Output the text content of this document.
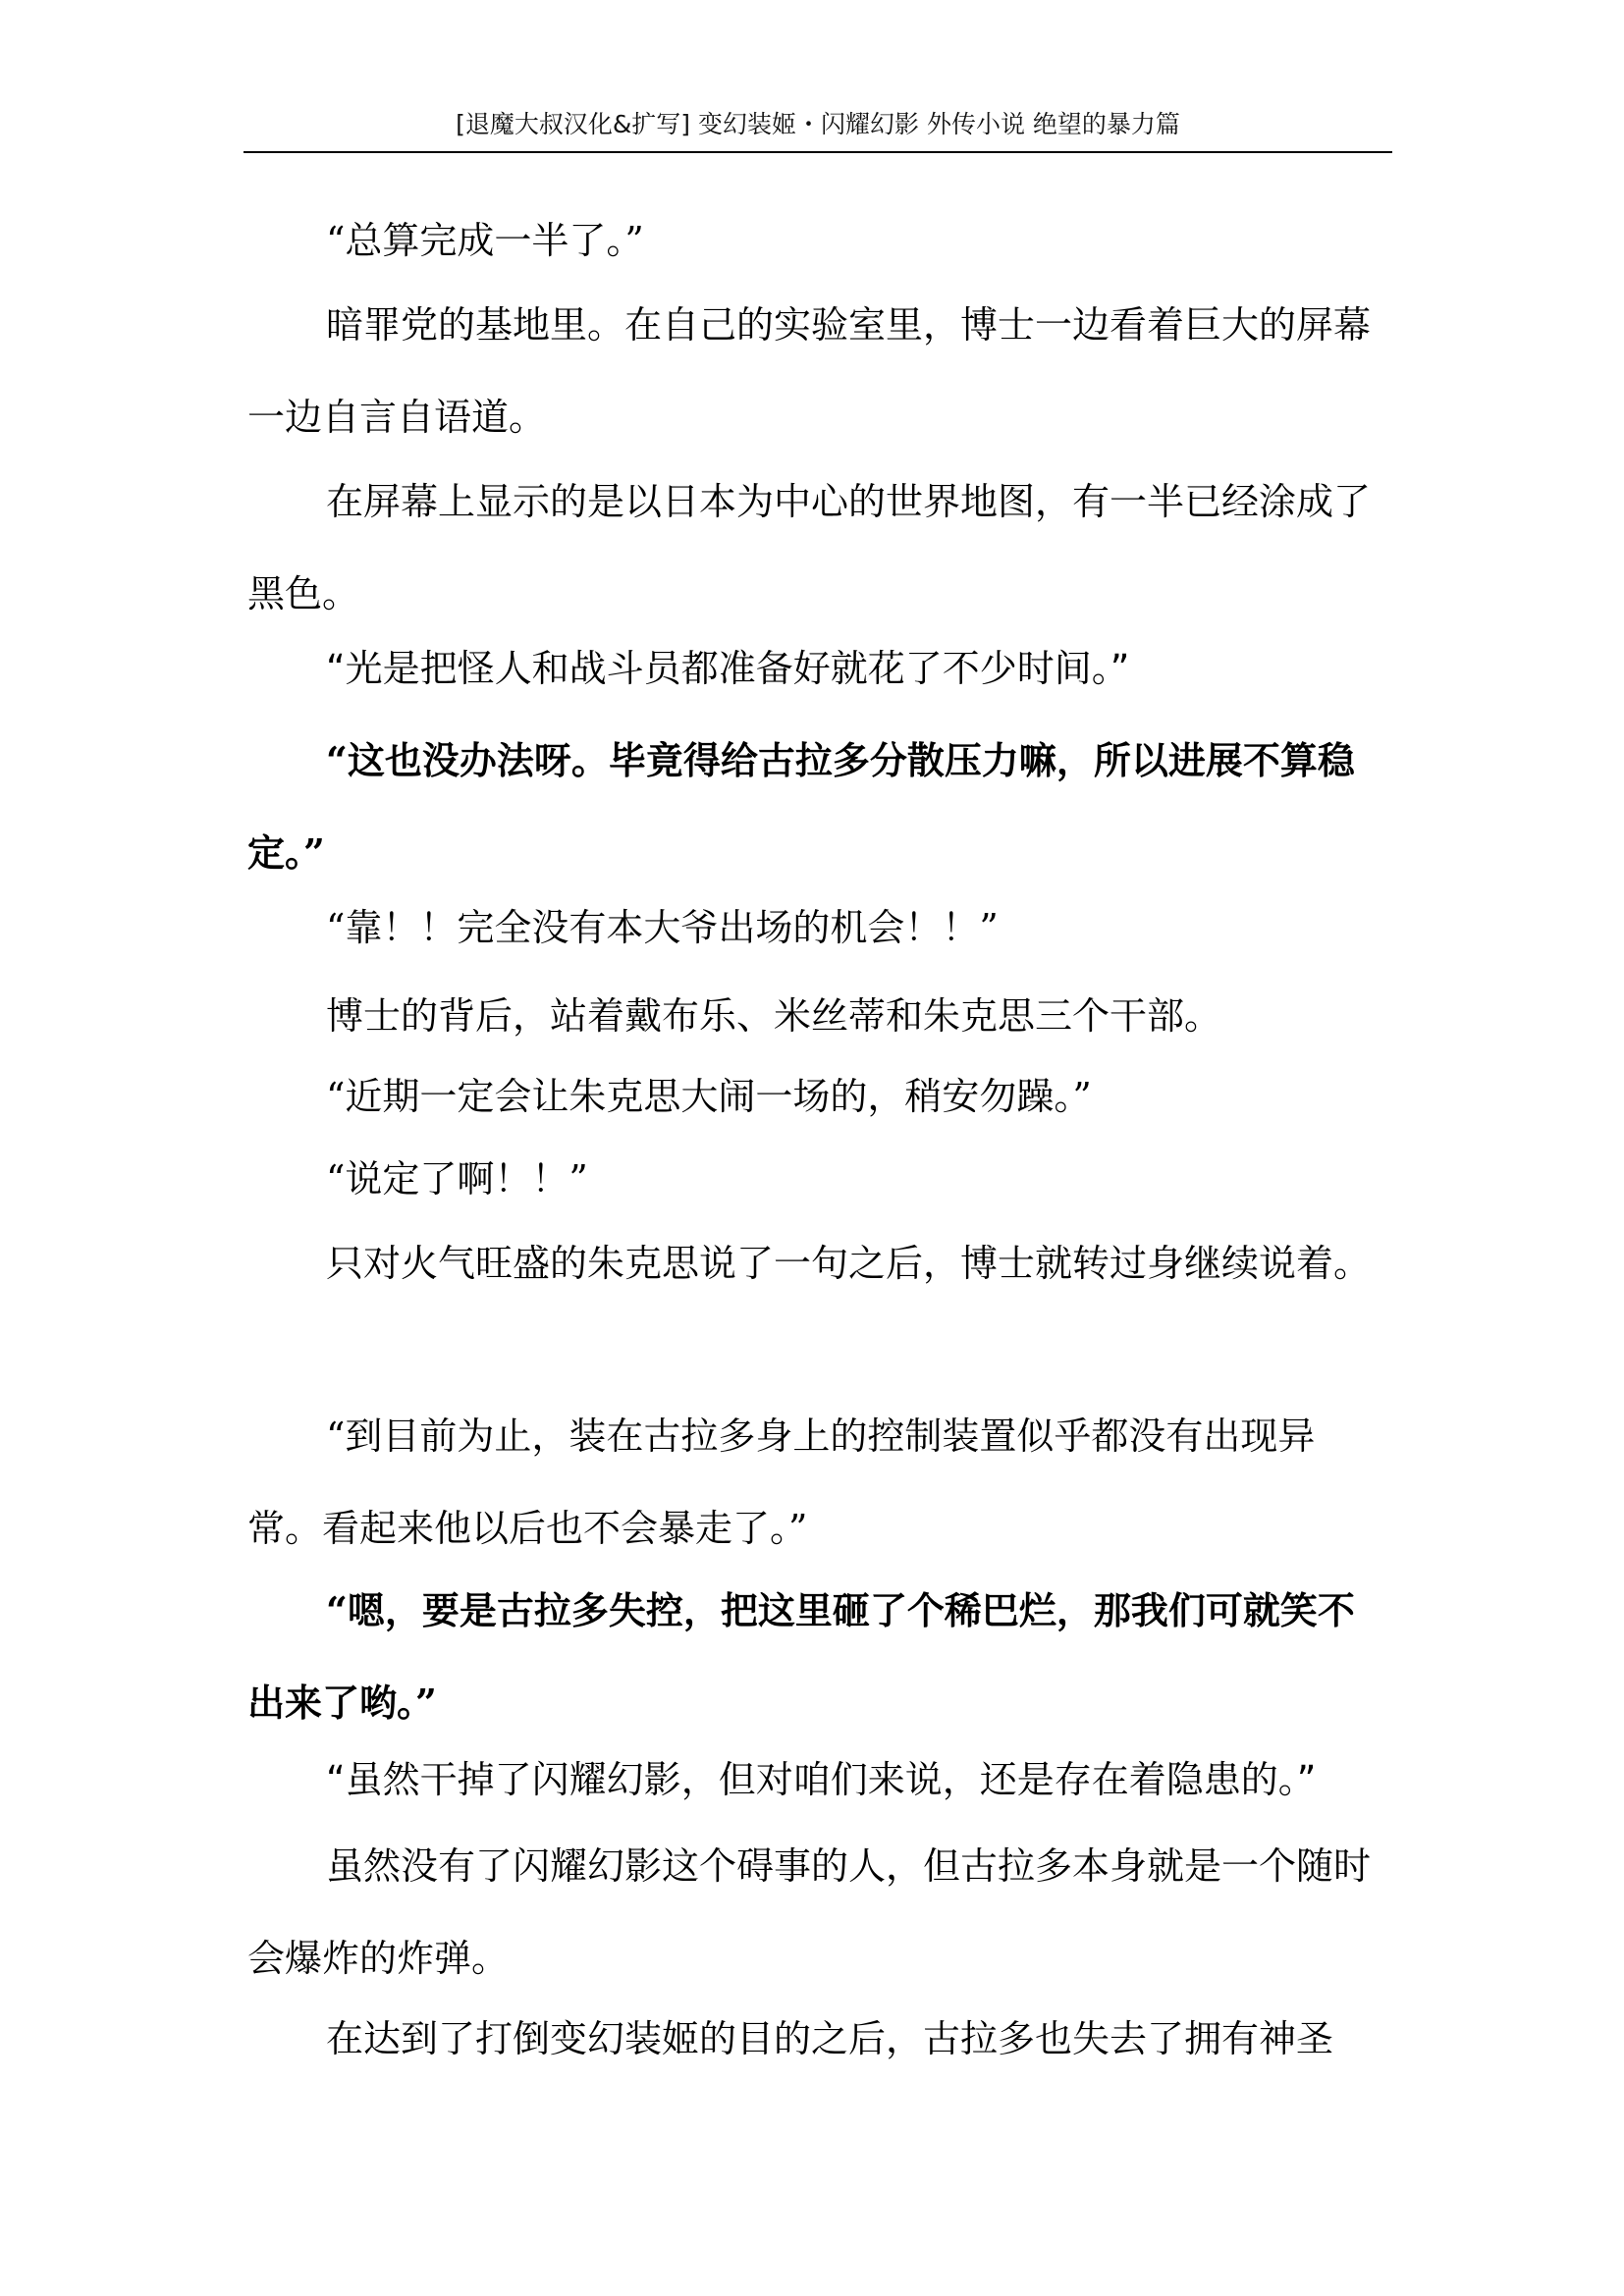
[退魔大叔汉化&扩写] 变幻装姬・闪耀幻影 外传小说 绝望的暴力篇

“总算完成一半了。”

暗罪党的基地里。在自己的实验室里，博士一边看着巨大的屏幕一边自言自语道。

在屏幕上显示的是以日本为中心的世界地图，有一半已经涂成了黑色。

“光是把怪人和战斗员都准备好就花了不少时间。”

“这也没办法呀。毕竟得给古拉多分散压力嘛，所以进展不算稳定。”

“靠！！完全没有本大爷出场的机会！！”

博士的背后，站着戴布乐、米丝蒂和朱克思三个干部。

“近期一定会让朱克思大闹一场的，稍安勿躁。”

“说定了啊！！”

只对火气旺盛的朱克思说了一句之后，博士就转过身继续说着。

“到目前为止，装在古拉多身上的控制装置似乎都没有出现异常。看起来他以后也不会暴走了。”

“嗯，要是古拉多失控，把这里砸了个稀巴烂，那我们可就笑不出来了哟。”

“虽然干掉了闪耀幻影，但对咱们来说，还是存在着隐患的。”

虽然没有了闪耀幻影这个碍事的人，但古拉多本身就是一个随时会爆炸的炸弹。

在达到了打倒变幻装姬的目的之后，古拉多也失去了拥有神圣
